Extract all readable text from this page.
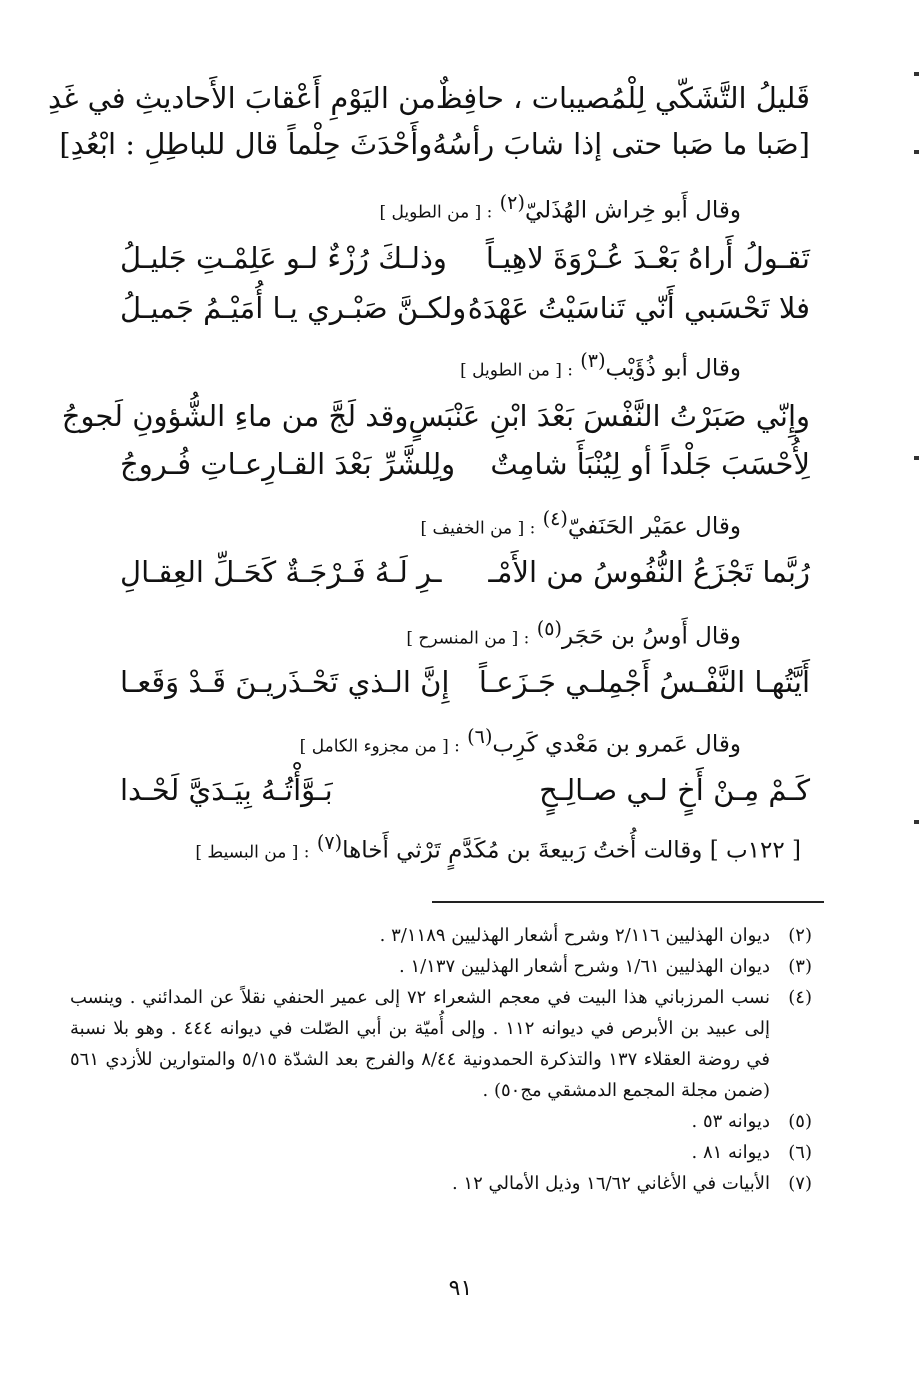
قَليلُ التَّشَكّي لِلْمُصيبات ، حافِظٌ
من اليَوْمِ أَعْقابَ الأَحاديثِ في غَدِ
[صَبا ما صَبا حتى إذا شابَ رأسُهُ
وأَحْدَثَ حِلْماً قال للباطِلِ : ابْعُدِ]
وقال أَبو خِراش الهُذَليّ$^{(٢)}$ : [ من الطويل ]
تَقـولُ أَراهُ بَعْـدَ عُـرْوَةَ لاهِيـاً
وذلـكَ رُزْءٌ لـو عَلِمْـتِ جَليـلُ
فلا تَحْسَبي أَنّي تَناسَيْتُ عَهْدَهُ
ولكـنَّ صَبْـري يـا أُمَيْـمُ جَميـلُ
وقال أبو ذُؤَيْب$^{(٣)}$ : [ من الطويل ]
وإِنّي صَبَرْتُ النَّفْسَ بَعْدَ ابْنِ عَنْبَسٍ
وقد لَجَّ من ماءِ الشُّؤونِ لَجوجُ
لِأُحْسَبَ جَلْداً أو لِيُنْبَأَ شامِتٌ
ولِلشَّرِّ بَعْدَ القـارِعـاتِ فُـروجُ
وقال عمَيْر الحَنَفيّ$^{(٤)}$ : [ من الخفيف ]
رُبَّما تَجْزَعُ النُّفُوسُ من الأَمْـ
ـرِ لَـهُ فَـرْجَـةٌ كَحَـلِّ العِقـالِ
وقال أَوسُ بن حَجَر$^{(٥)}$ : [ من المنسرح ]
أَيَّتُهـا النَّفْـسُ أَجْمِلـي جَـزَعـاً
إِنَّ الـذي تَحْـذَريـنَ قَـدْ وَقَعـا
وقال عَمرو بن مَعْدي كَرِب$^{(٦)}$ : [ من مجزوء الكامل ]
كَـمْ مِـنْ أَخٍ لـي صـالِـحٍ
بَـوَّأْتُـهُ بِيَـدَيَّ لَحْـدا
[ ١٢٢ب ] وقالت أُختُ رَبيعةَ بن مُكَدَّمٍ تَرْثي أَخاها$^{(٧)}$ : [ من البسيط ]
(٢)
ديوان الهذليين ٢/١١٦ وشرح أشعار الهذليين ٣/١١٨٩ .
(٣)
ديوان الهذليين ١/٦١ وشرح أشعار الهذليين ١/١٣٧ .
(٤)
نسب المرزباني هذا البيت في معجم الشعراء ٧٢ إلى عمير الحنفي نقلاً عن المدائني . وينسب إلى عبيد بن الأبرص في ديوانه ١١٢ . وإلى أُميّة بن أبي الصّلت في ديوانه ٤٤٤ . وهو بلا نسبة في روضة العقلاء ١٣٧ والتذكرة الحمدونية ٨/٤٤ والفرج بعد الشدّة ٥/١٥ والمتوارين للأزدي ٥٦١ (ضمن مجلة المجمع الدمشقي مج٥٠) .
(٥)
ديوانه ٥٣ .
(٦)
ديوانه ٨١ .
(٧)
الأبيات في الأغاني ١٦/٦٢ وذيل الأمالي ١٢ .
٩١
